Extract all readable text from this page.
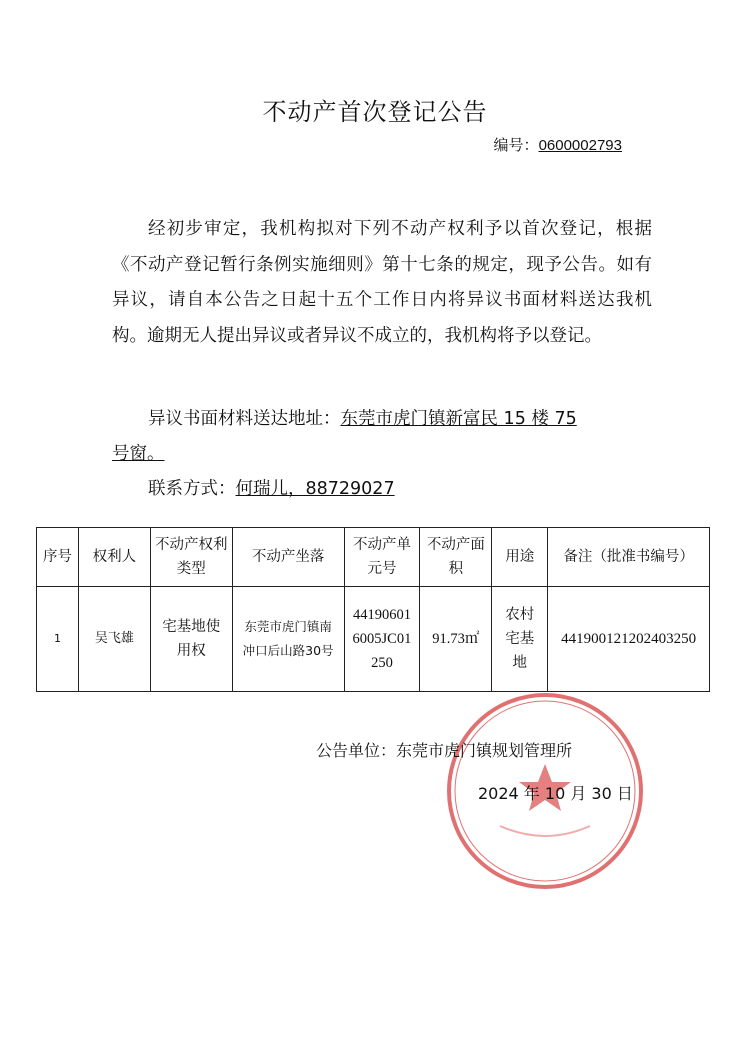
不动产首次登记公告
编号：0600002793
经初步审定，我机构拟对下列不动产权利予以首次登记，根据《不动产登记暂行条例实施细则》第十七条的规定，现予公告。如有异议，请自本公告之日起十五个工作日内将异议书面材料送达我机构。逾期无人提出异议或者异议不成立的，我机构将予以登记。
异议书面材料送达地址：东莞市虎门镇新富民 15 楼 75
号窗。
联系方式：何瑞儿，88729027
序号	权利人	不动产权利类型	不动产坐落	不动产单元号	不动产面积	用途	备注（批准书编号）
1	吴飞雄	宅基地使用权	东莞市虎门镇南冲口后山路30号	441906016005JC01250	91.73㎡	农村宅基地	441900121202403250
公告单位：东莞市虎门镇规划管理所
2024 年 10 月 30 日
